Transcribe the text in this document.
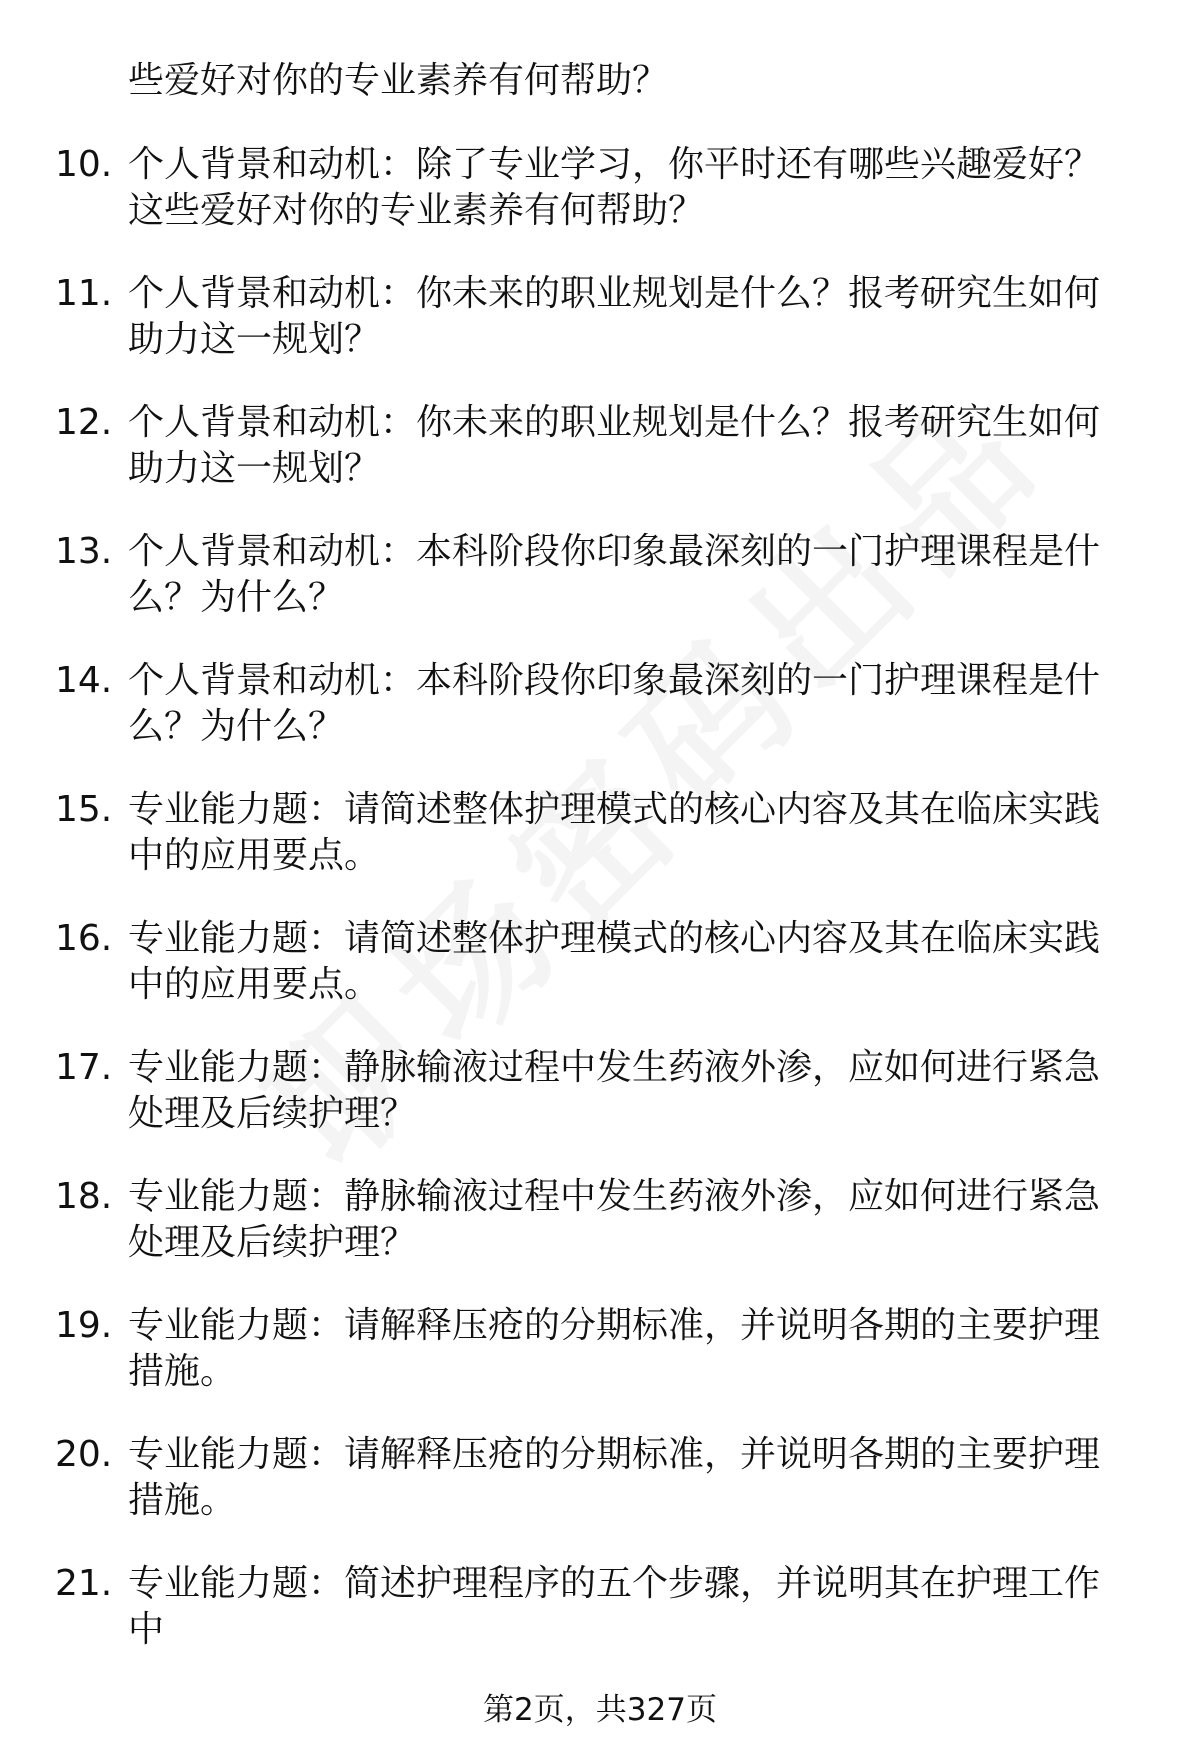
些爱好对你的专业素养有何帮助？
10. 个人背景和动机：除了专业学习，你平时还有哪些兴趣爱好？这些爱好对你的专业素养有何帮助？
11. 个人背景和动机：你未来的职业规划是什么？报考研究生如何助力这一规划？
12. 个人背景和动机：你未来的职业规划是什么？报考研究生如何助力这一规划？
13. 个人背景和动机：本科阶段你印象最深刻的一门护理课程是什么？为什么？
14. 个人背景和动机：本科阶段你印象最深刻的一门护理课程是什么？为什么？
15. 专业能力题：请简述整体护理模式的核心内容及其在临床实践中的应用要点。
16. 专业能力题：请简述整体护理模式的核心内容及其在临床实践中的应用要点。
17. 专业能力题：静脉输液过程中发生药液外渗，应如何进行紧急处理及后续护理？
18. 专业能力题：静脉输液过程中发生药液外渗，应如何进行紧急处理及后续护理？
19. 专业能力题：请解释压疮的分期标准，并说明各期的主要护理措施。
20. 专业能力题：请解释压疮的分期标准，并说明各期的主要护理措施。
21. 专业能力题：简述护理程序的五个步骤，并说明其在护理工作中
第2页，共327页
